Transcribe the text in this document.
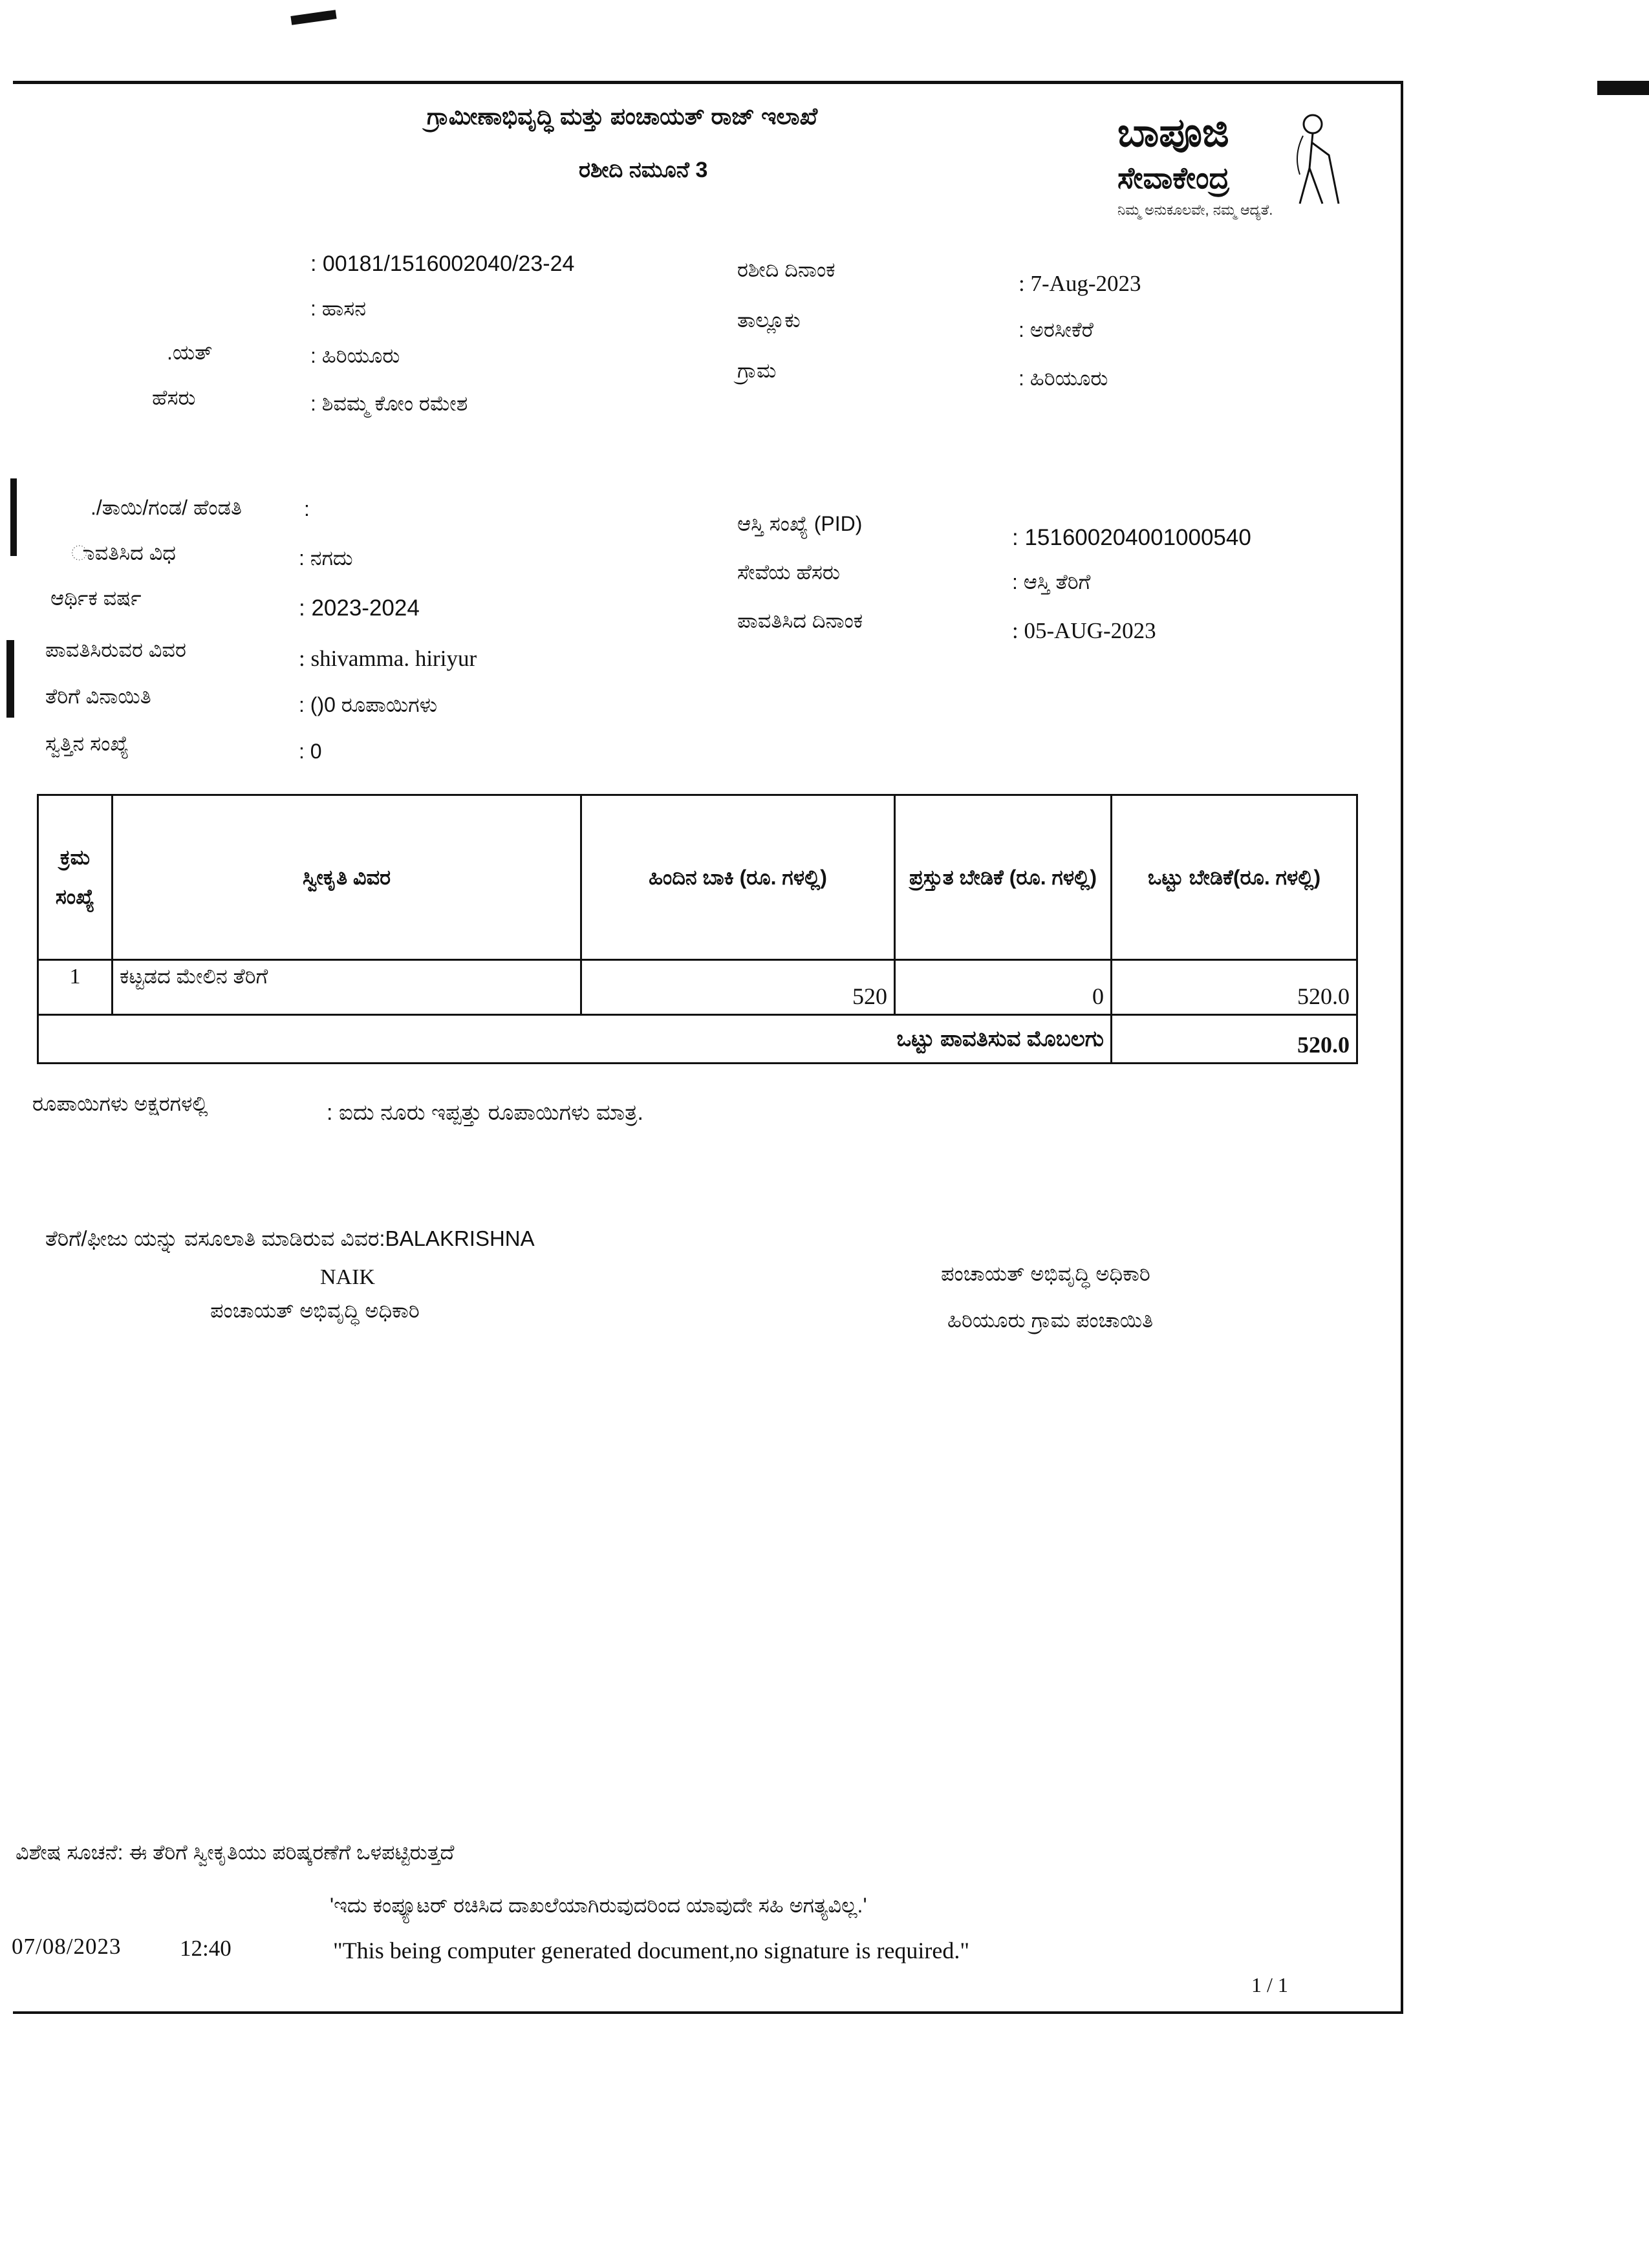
ಗ್ರಾಮೀಣಾಭಿವೃದ್ಧಿ ಮತ್ತು ಪಂಚಾಯತ್ ರಾಜ್ ಇಲಾಖೆ
ರಶೀದಿ ನಮೂನೆ 3
ಬಾಪೂಜಿ
ಸೇವಾಕೇಂದ್ರ
ನಿಮ್ಮ ಅನುಕೂಲವೇ, ನಮ್ಮ ಆದ್ಯತೆ.
: 00181/1516002040/23-24
: ಹಾಸನ
.ಯತ್	: ಹಿರಿಯೂರು
ಹೆಸರು	: ಶಿವಮ್ಮ ಕೋಂ ರಮೇಶ
ರಶೀದಿ ದಿನಾಂಕ
: 7-Aug-2023
ತಾಲ್ಲೂಕು	: ಅರಸೀಕೆರೆ
ಗ್ರಾಮ	: ಹಿರಿಯೂರು
./ತಾಯಿ/ಗಂಡ/ ಹೆಂಡತಿ	:
ಾವತಿಸಿದ ವಿಧ	: ನಗದು
ಆರ್ಥಿಕ ವರ್ಷ	: 2023-2024
ಪಾವತಿಸಿರುವರ ವಿವರ	: shivamma. hiriyur
ತೆರಿಗೆ ವಿನಾಯಿತಿ	: ()0 ರೂಪಾಯಿಗಳು
ಸ್ವತ್ತಿನ ಸಂಖ್ಯೆ	: 0
ಆಸ್ತಿ ಸಂಖ್ಯೆ (PID)
: 151600204001000540
ಸೇವೆಯ ಹೆಸರು	: ಆಸ್ತಿ ತೆರಿಗೆ
ಪಾವತಿಸಿದ ದಿನಾಂಕ	: 05-AUG-2023
ಕ್ರಮ ಸಂಖ್ಯೆ	ಸ್ವೀಕೃತಿ ವಿವರ	ಹಿಂದಿನ ಬಾಕಿ (ರೂ. ಗಳಲ್ಲಿ)	ಪ್ರಸ್ತುತ ಬೇಡಿಕೆ (ರೂ. ಗಳಲ್ಲಿ)	ಒಟ್ಟು ಬೇಡಿಕೆ(ರೂ. ಗಳಲ್ಲಿ)
1	ಕಟ್ಟಡದ ಮೇಲಿನ ತೆರಿಗೆ	520	0	520.0
ಒಟ್ಟು ಪಾವತಿಸುವ ಮೊಬಲಗು				520.0
ರೂಪಾಯಿಗಳು ಅಕ್ಷರಗಳಲ್ಲಿ	: ಐದು ನೂರು ಇಪ್ಪತ್ತು ರೂಪಾಯಿಗಳು ಮಾತ್ರ.
ತೆರಿಗೆ/ಫೀಜು ಯನ್ನು ವಸೂಲಾತಿ ಮಾಡಿರುವ ವಿವರ:BALAKRISHNA
NAIK
ಪಂಚಾಯತ್ ಅಭಿವೃದ್ಧಿ ಅಧಿಕಾರಿ
ಪಂಚಾಯತ್ ಅಭಿವೃದ್ಧಿ ಅಧಿಕಾರಿ
ಹಿರಿಯೂರು ಗ್ರಾಮ ಪಂಚಾಯಿತಿ
ವಿಶೇಷ ಸೂಚನೆ: ಈ ತೆರಿಗೆ ಸ್ವೀಕೃತಿಯು ಪರಿಷ್ಕರಣೆಗೆ ಒಳಪಟ್ಟಿರುತ್ತದೆ
'ಇದು ಕಂಪ್ಯೂಟರ್ ರಚಿಸಿದ ದಾಖಲೆಯಾಗಿರುವುದರಿಂದ ಯಾವುದೇ ಸಹಿ ಅಗತ್ಯವಿಲ್ಲ.'
07/08/2023	12:40	"This being computer generated document,no signature is required."
1 / 1
